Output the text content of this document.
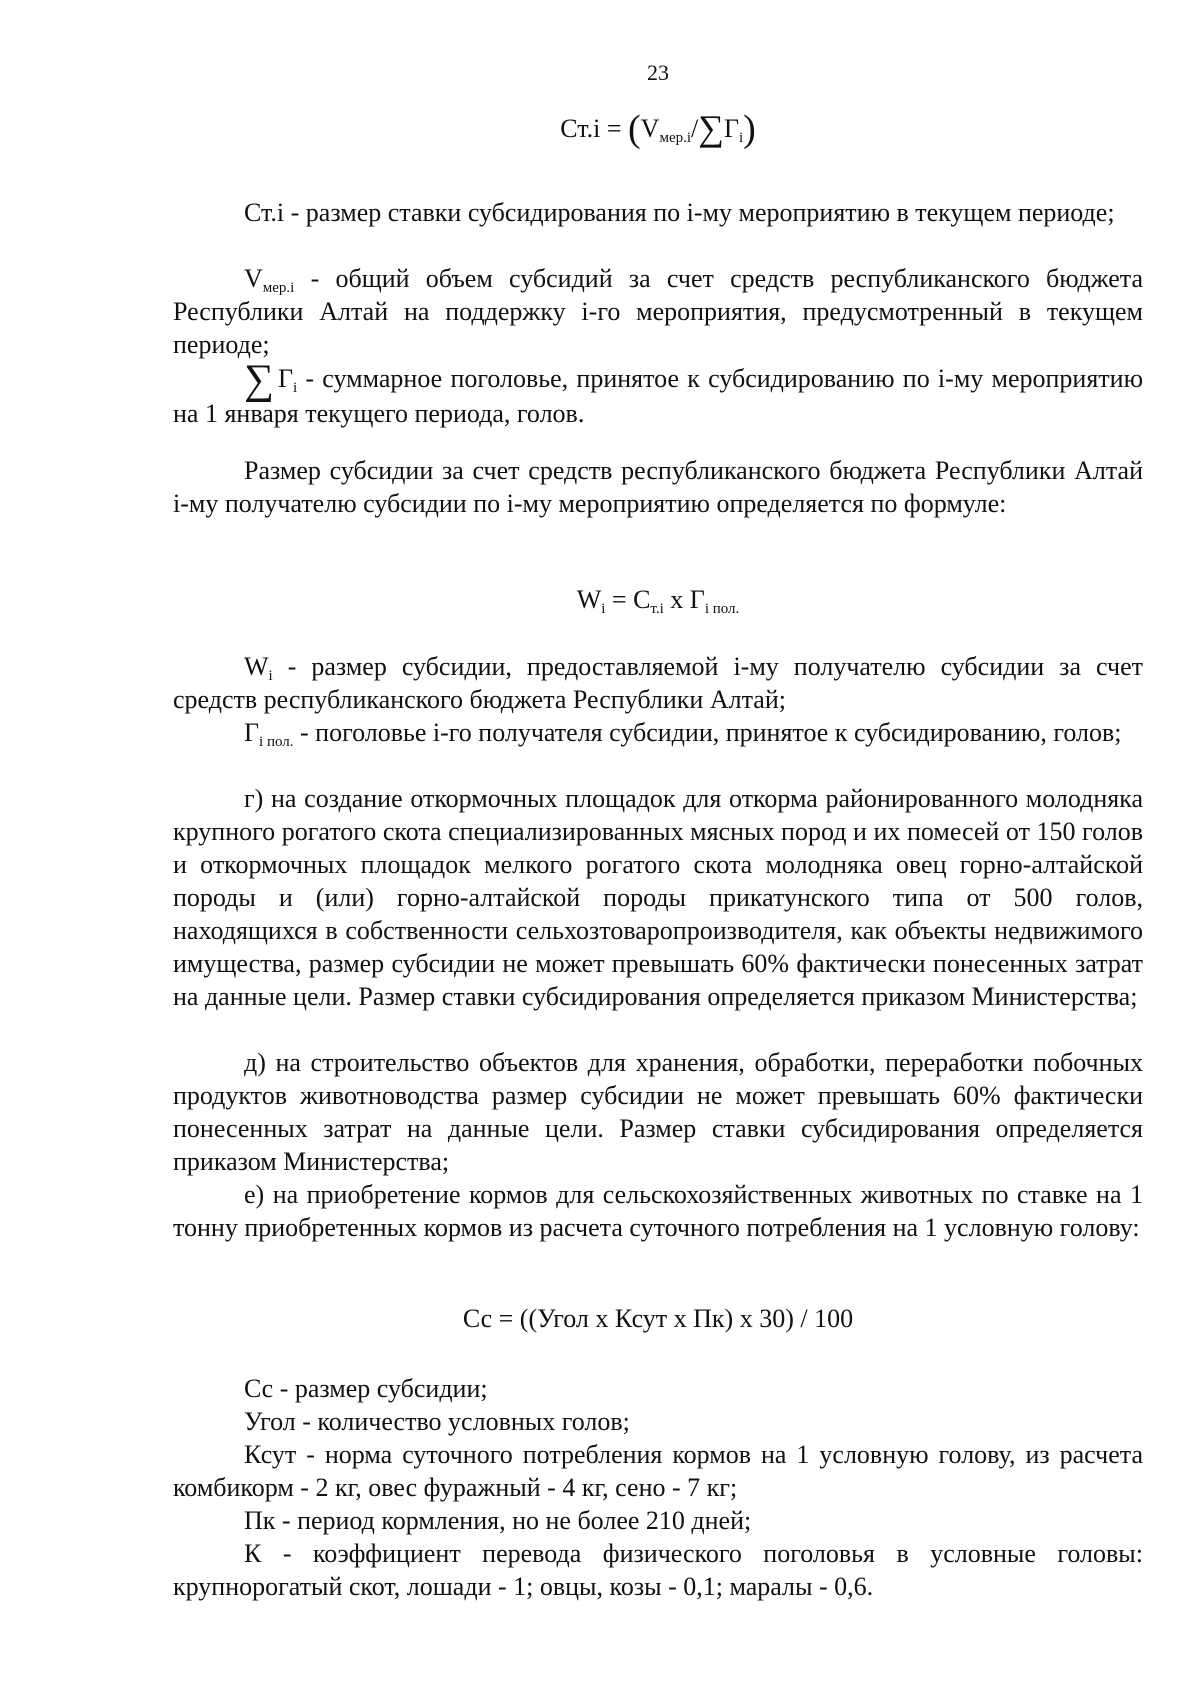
23
$Ст.i = (V_{мер.i}/\sum Г_i)$
Ст.i - размер ставки субсидирования по i-му мероприятию в текущем периоде;
$V_{мер.i}$ - общий объем субсидий за счет средств республиканского бюджета Республики Алтай на поддержку i-го мероприятия, предусмотренный в текущем периоде;
∑ $Г_i$ - суммарное поголовье, принятое к субсидированию по i-му мероприятию на 1 января текущего периода, голов.
Размер субсидии за счет средств республиканского бюджета Республики Алтай i-му получателю субсидии по i-му мероприятию определяется по формуле:
$W_i = С_{т.i}$ х $Г_{i пол.}$
$W_i$ - размер субсидии, предоставляемой i-му получателю субсидии за счет средств республиканского бюджета Республики Алтай;
$Г_{i пол.}$ - поголовье i-го получателя субсидии, принятое к субсидированию, голов;
г) на создание откормочных площадок для откорма районированного молодняка крупного рогатого скота специализированных мясных пород и их помесей от 150 голов и откормочных площадок мелкого рогатого скота молодняка овец горно-алтайской породы и (или) горно-алтайской породы прикатунского типа от 500 голов, находящихся в собственности сельхозтоваропроизводителя, как объекты недвижимого имущества, размер субсидии не может превышать 60% фактически понесенных затрат на данные цели. Размер ставки субсидирования определяется приказом Министерства;
д) на строительство объектов для хранения, обработки, переработки побочных продуктов животноводства размер субсидии не может превышать 60% фактически понесенных затрат на данные цели. Размер ставки субсидирования определяется приказом Министерства;
е) на приобретение кормов для сельскохозяйственных животных по ставке на 1 тонну приобретенных кормов из расчета суточного потребления на 1 условную голову:
Сс = ((Угол х Ксут х Пк) х 30) / 100
Сс - размер субсидии;
Угол - количество условных голов;
Ксут - норма суточного потребления кормов на 1 условную голову, из расчета комбикорм - 2 кг, овес фуражный - 4 кг, сено - 7 кг;
Пк - период кормления, но не более 210 дней;
К - коэффициент перевода физического поголовья в условные головы: крупнорогатый скот, лошади - 1; овцы, козы - 0,1; маралы - 0,6.
